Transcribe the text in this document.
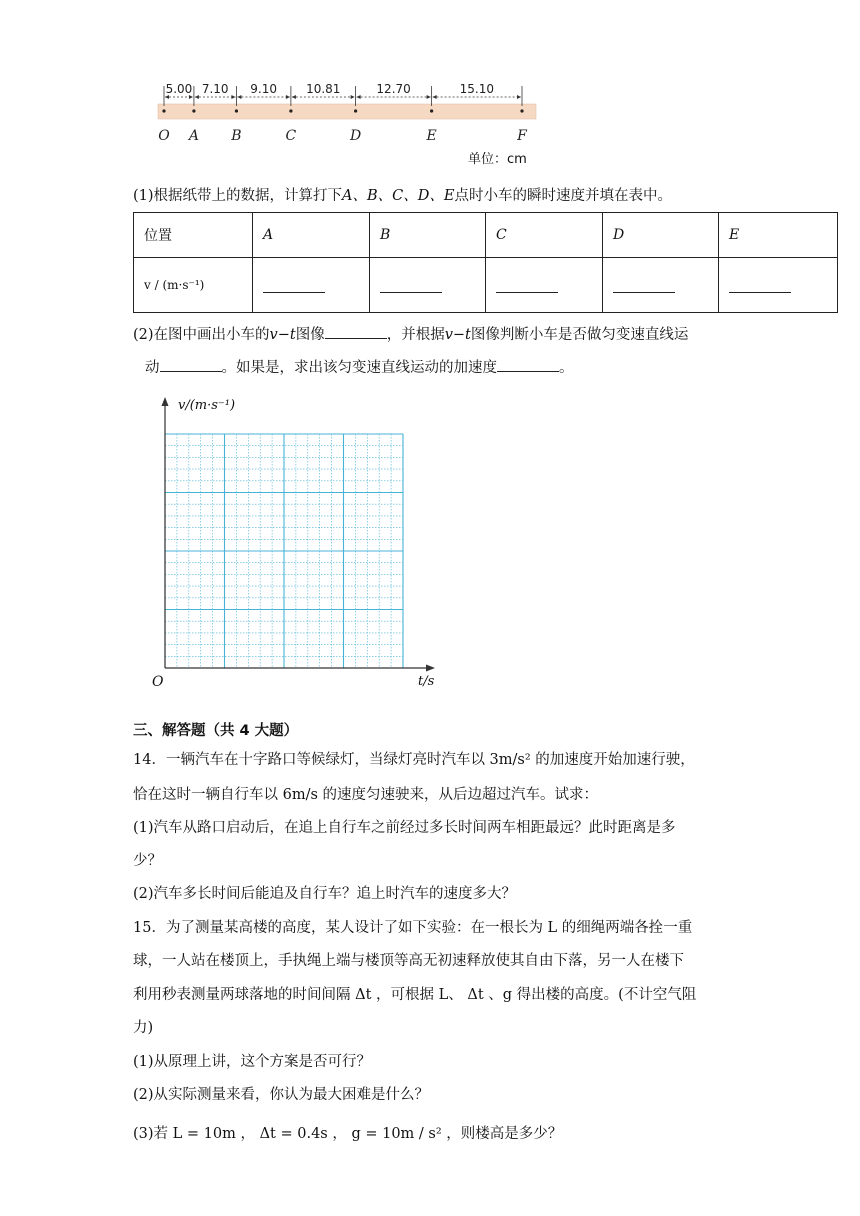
O A B	C	D	E	F
5.00 7.10 9.10 10.81	12.70	15.10
单位：cm
(1)根据纸带上的数据，计算打下A、B、C、D、E点时小车的瞬时速度并填在表中。
位置	A	B	C	D	E
v / (m·s⁻¹)					
(2)在图中画出小车的v−t图像	，并根据v−t图像判断小车是否做匀变速直线运
动	。如果是，求出该匀变速直线运动的加速度	。
v/(m·s⁻¹)
t/s
O
三、解答题（共 4 大题）
14．一辆汽车在十字路口等候绿灯，当绿灯亮时汽车以 3m/s² 的加速度开始加速行驶，
恰在这时一辆自行车以 6m/s 的速度匀速驶来，从后边超过汽车。试求：
(1)汽车从路口启动后，在追上自行车之前经过多长时间两车相距最远？此时距离是多
少？
(2)汽车多长时间后能追及自行车？追上时汽车的速度多大？
15．为了测量某高楼的高度，某人设计了如下实验：在一根长为 L 的细绳两端各拴一重
球，一人站在楼顶上，手执绳上端与楼顶等高无初速释放使其自由下落，另一人在楼下
利用秒表测量两球落地的时间间隔 Δt ，可根据 L、 Δt 、g 得出楼的高度。(不计空气阻
力)
(1)从原理上讲，这个方案是否可行？
(2)从实际测量来看，你认为最大困难是什么？
(3)若 L = 10m ， Δt = 0.4s ， g = 10m / s² ，则楼高是多少？
